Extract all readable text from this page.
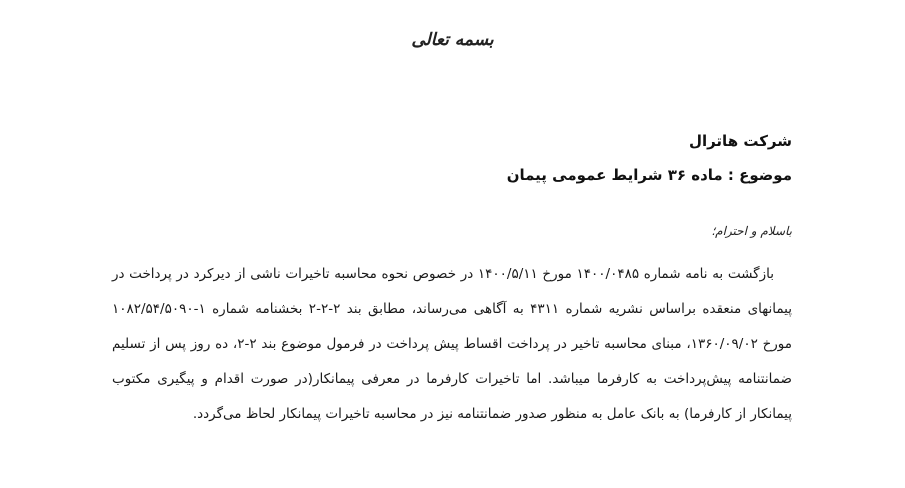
بسمه تعالی
شرکت هاترال
موضوع : ماده ۳۶ شرایط عمومی پیمان
باسلام و احترام؛

بازگشت به نامه شماره ۱۴۰۰/۰۴۸۵ مورخ ۱۴۰۰/۵/۱۱ در خصوص نحوه محاسبه تاخیرات ناشی از دیرکرد در پرداخت در پیمانهای منعقده براساس نشریه شماره ۴۳۱۱ به آگاهی می‌رساند، مطابق بند ۲-۲-۲ بخشنامه شماره ۱-۱۰۸۲/۵۴/۵۰۹۰ مورخ ۱۳۶۰/۰۹/۰۲، مبنای محاسبه تاخیر در پرداخت اقساط پیش پرداخت در فرمول موضوع بند ۲-۲، ده روز پس از تسلیم ضمانتنامه پیش‌پرداخت به کارفرما میباشد. اما تاخیرات کارفرما در معرفی پیمانکار(در صورت اقدام و پیگیری مکتوب پیمانکار از کارفرما) به بانک عامل به منظور صدور ضمانتنامه نیز در محاسبه تاخیرات پیمانکار لحاظ می‌گردد.
